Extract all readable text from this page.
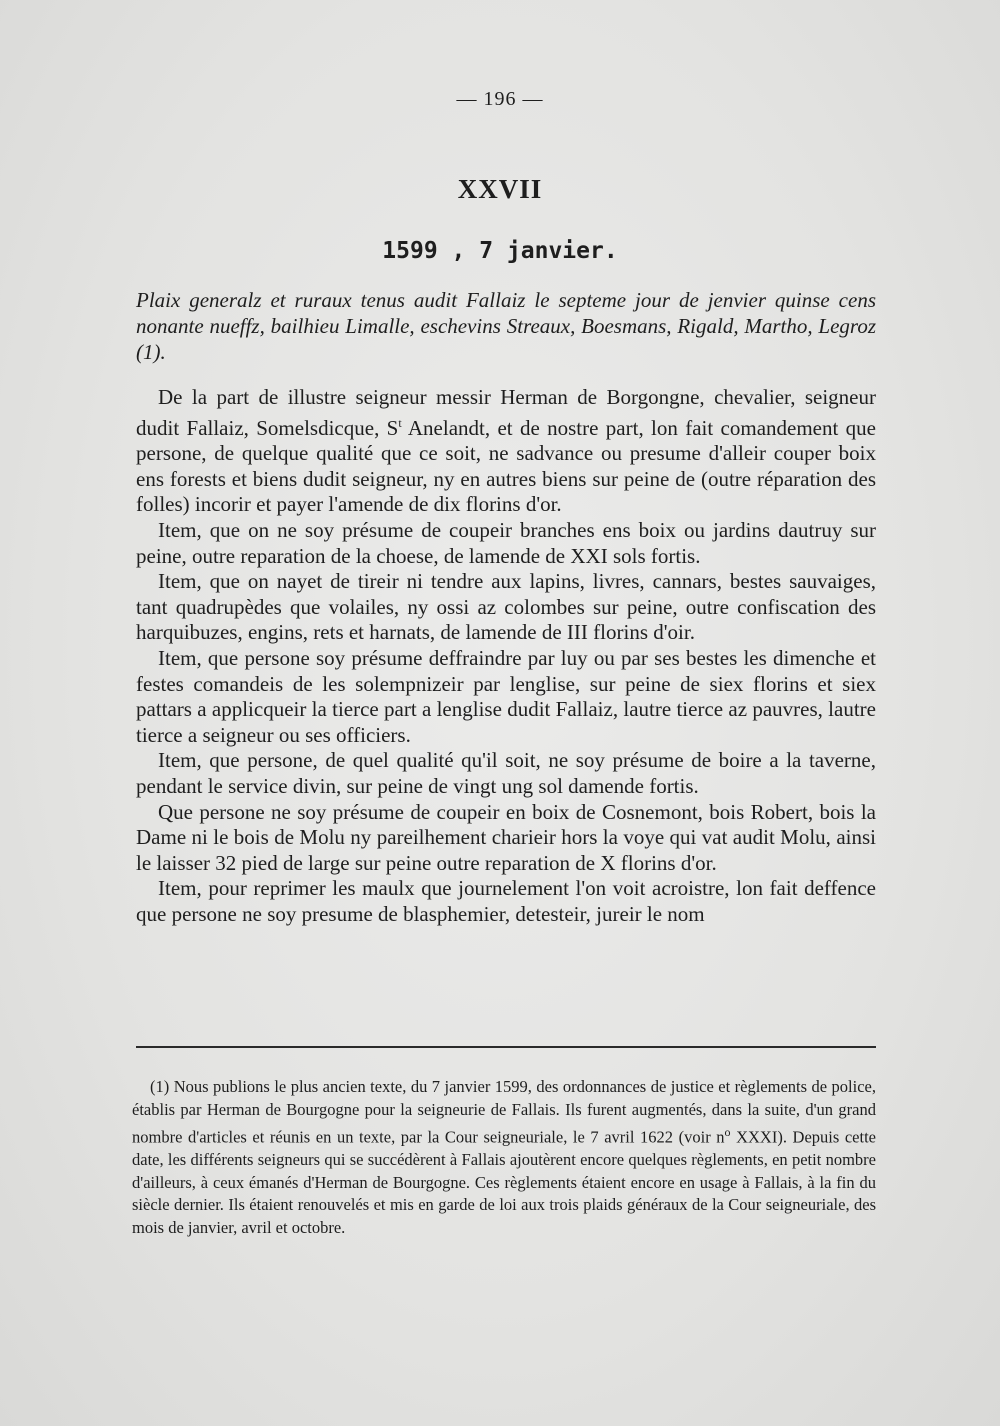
— 196 —
XXVII
1599 , 7 janvier.

Plaix generalz et ruraux tenus audit Fallaiz le septeme jour de jenvier quinse cens nonante nueffz, bailhieu Limalle, eschevins Streaux, Boesmans, Rigald, Martho, Legroz (1).

De la part de illustre seigneur messir Herman de Borgongne, chevalier, seigneur dudit Fallaiz, Somelsdicque, $S^t$ Anelandt, et de nostre part, lon fait comandement que persone, de quelque qualité que ce soit, ne sadvance ou presume d'alleir couper boix ens forests et biens dudit seigneur, ny en autres biens sur peine de (outre réparation des folles) incorir et payer l'amende de dix florins d'or.

Item, que on ne soy présume de coupeir branches ens boix ou jardins dautruy sur peine, outre reparation de la choese, de lamende de XXI sols fortis.

Item, que on nayet de tireir ni tendre aux lapins, livres, cannars, bestes sauvaiges, tant quadrupèdes que volailes, ny ossi az colombes sur peine, outre confiscation des harquibuzes, engins, rets et harnats, de lamende de III florins d'oir.

Item, que persone soy présume deffraindre par luy ou par ses bestes les dimenche et festes comandeis de les solempnizeir par lenglise, sur peine de siex florins et siex pattars a applicqueir la tierce part a lenglise dudit Fallaiz, lautre tierce az pauvres, lautre tierce a seigneur ou ses officiers.

Item, que persone, de quel qualité qu'il soit, ne soy présume de boire a la taverne, pendant le service divin, sur peine de vingt ung sol damende fortis.

Que persone ne soy présume de coupeir en boix de Cosnemont, bois Robert, bois la Dame ni le bois de Molu ny pareilhement charieir hors la voye qui vat audit Molu, ainsi le laisser 32 pied de large sur peine outre reparation de X florins d'or.

Item, pour reprimer les maulx que journelement l'on voit acroistre, lon fait deffence que persone ne soy presume de blasphemier, detesteir, jureir le nom

(1) Nous publions le plus ancien texte, du 7 janvier 1599, des ordonnances de justice et règlements de police, établis par Herman de Bourgogne pour la seigneurie de Fallais. Ils furent augmentés, dans la suite, d'un grand nombre d'articles et réunis en un texte, par la Cour seigneuriale, le 7 avril 1622 (voir $n^o$ XXXI). Depuis cette date, les différents seigneurs qui se succédèrent à Fallais ajoutèrent encore quelques règlements, en petit nombre d'ailleurs, à ceux émanés d'Herman de Bourgogne. Ces règlements étaient encore en usage à Fallais, à la fin du siècle dernier. Ils étaient renouvelés et mis en garde de loi aux trois plaids généraux de la Cour seigneuriale, des mois de janvier, avril et octobre.
